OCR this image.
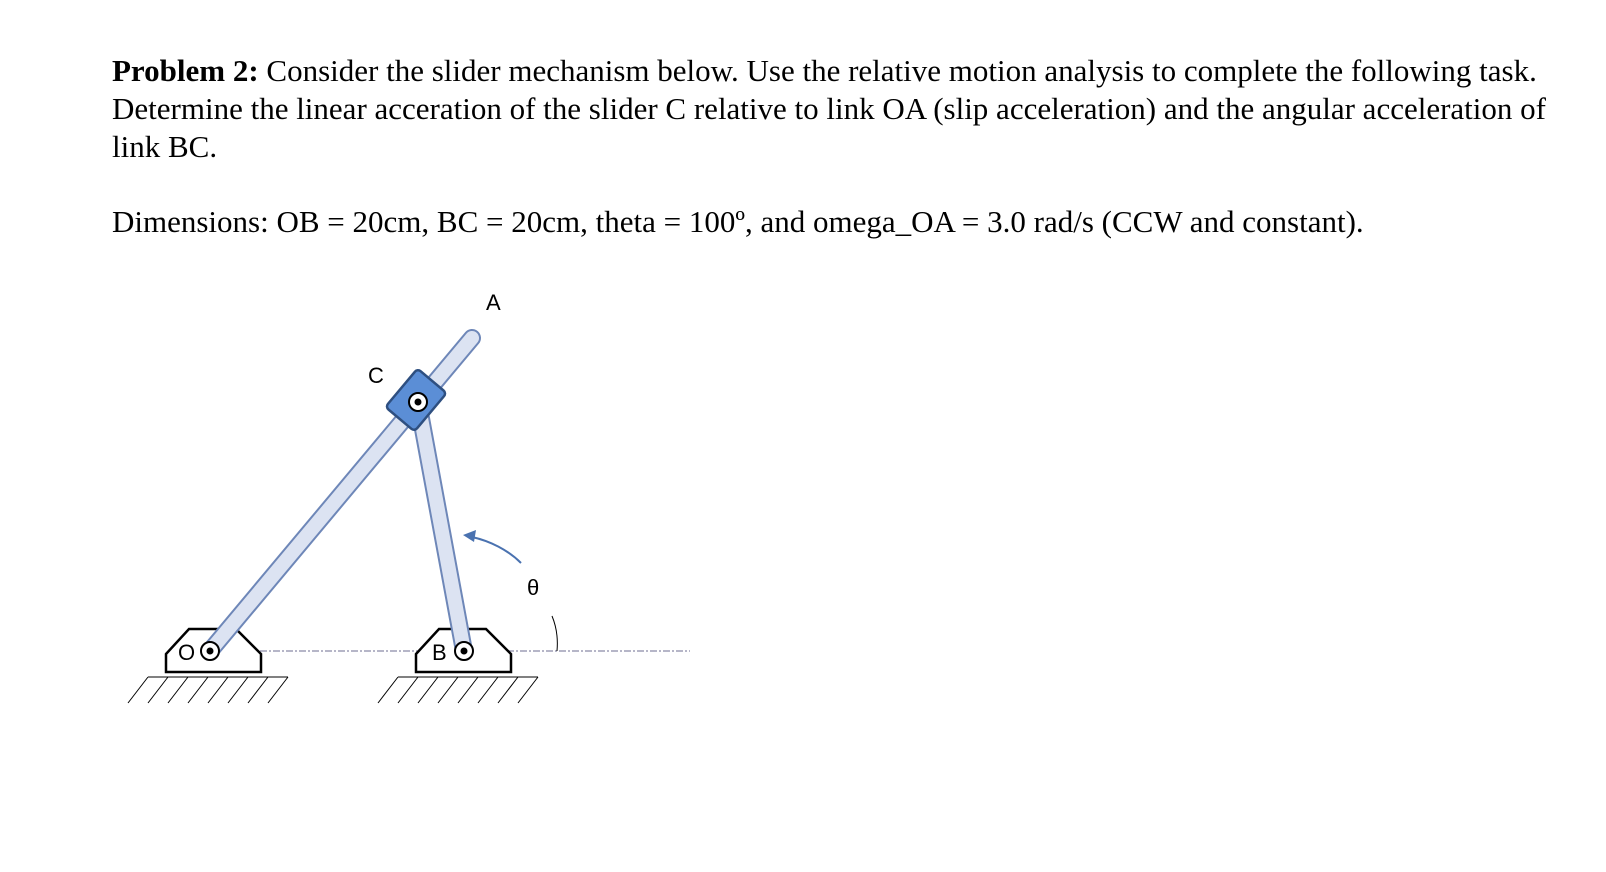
Problem 2: Consider the slider mechanism below. Use the relative motion analysis to complete the following task. Determine the linear acceration of the slider C relative to link OA (slip acceleration) and the angular acceleration of link BC.

Dimensions: OB = 20cm, BC = 20cm, theta = 100º, and omega_OA = 3.0 rad/s (CCW and constant).

A
C
O	B
θ
